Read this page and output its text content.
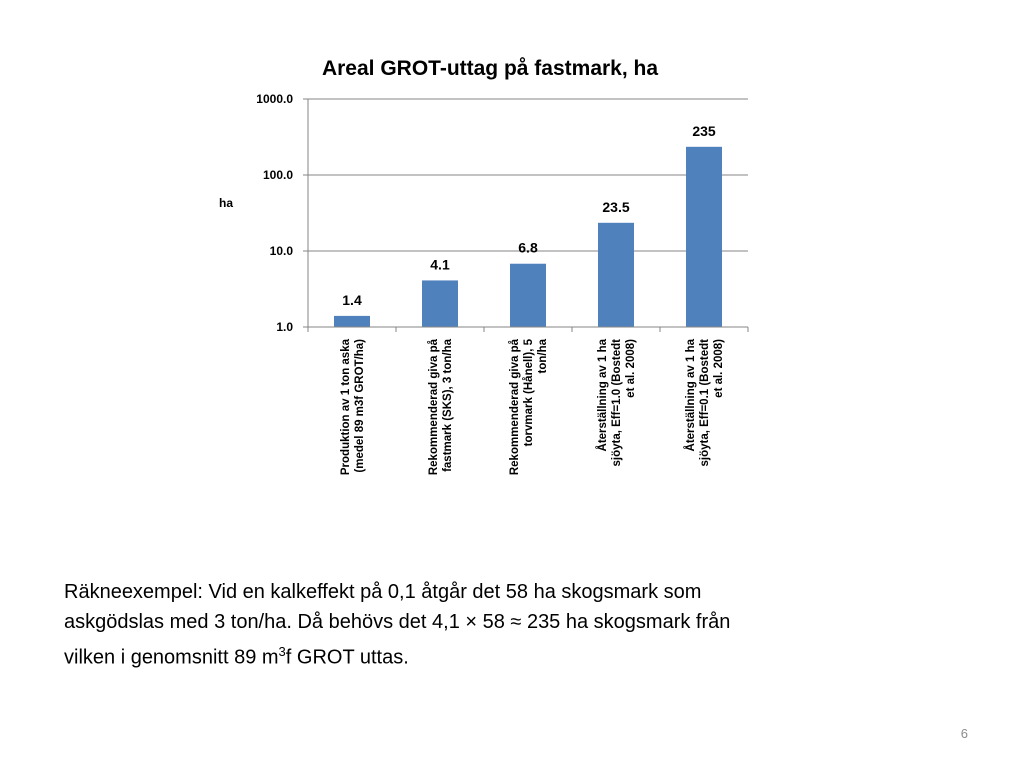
Areal GROT-uttag på fastmark, ha
ha
1000.0
100.0
10.0
1.0
1.4
4.1
6.8
23.5
235
Produktion av 1 ton aska (medel 89 m3f GROT/ha)	Rekommenderad giva på fastmark (SKS), 3 ton/ha	Rekommenderad giva på torvmark (Hånell), 5 ton/ha	Återställning av 1 ha sjöyta, Eff=1.0 (Bostedt et al. 2008)	Återställning av 1 ha sjöyta, Eff=0.1 (Bostedt et al. 2008)
Räkneexempel: Vid en kalkeffekt på 0,1 åtgår det 58 ha skogsmark som
askgödslas med 3 ton/ha. Då behövs det 4,1 × 58 ≈ 235 ha skogsmark från
vilken i genomsnitt 89 $m^3f$ GROT uttas.
6
